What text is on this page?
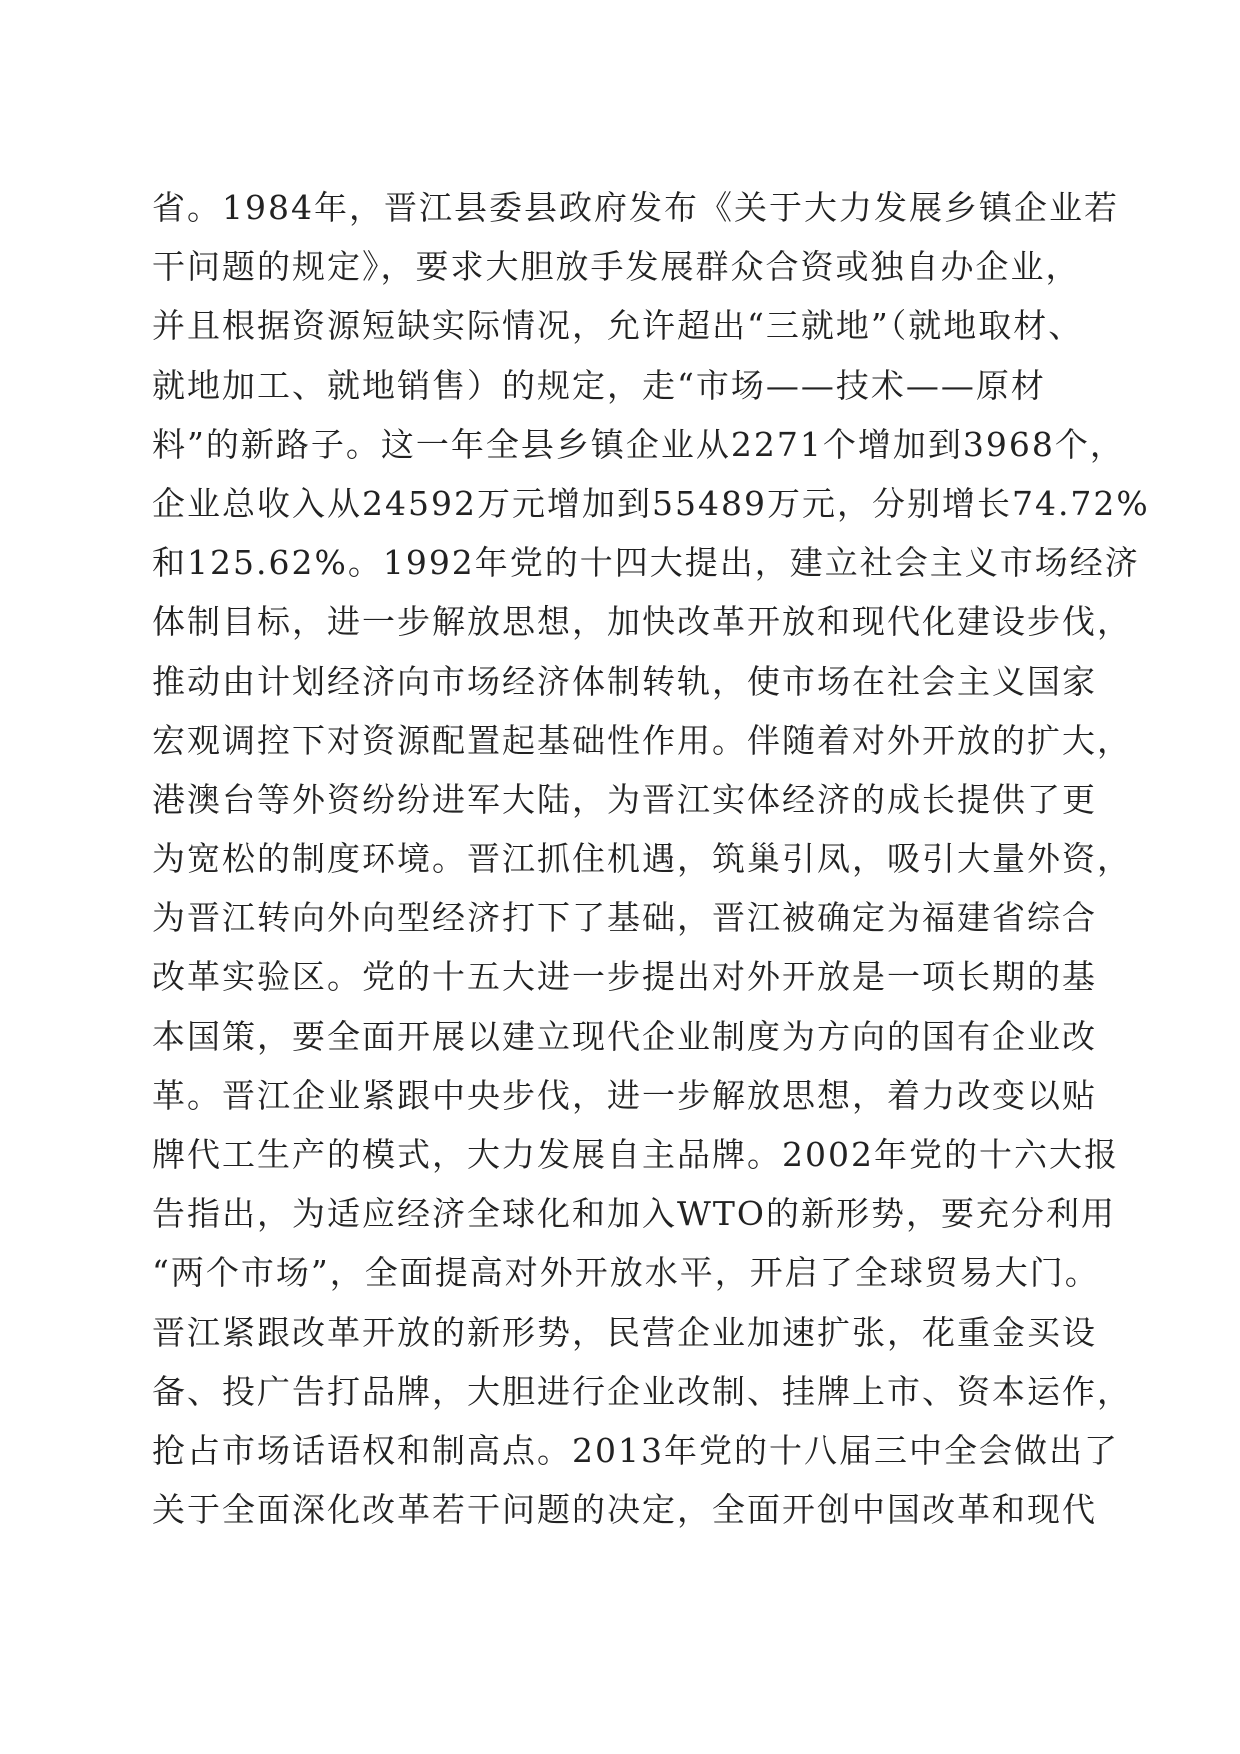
省。1984年，晋江县委县政府发布《关于大力发展乡镇企业若
干问题的规定》，要求大胆放手发展群众合资或独自办企业，
并且根据资源短缺实际情况，允许超出“三就地”（就地取材、
就地加工、就地销售）的规定，走“市场——技术——原材
料”的新路子。这一年全县乡镇企业从2271个增加到3968个，
企业总收入从24592万元增加到55489万元，分别增长74.72%
和125.62%。1992年党的十四大提出，建立社会主义市场经济
体制目标，进一步解放思想，加快改革开放和现代化建设步伐，
推动由计划经济向市场经济体制转轨，使市场在社会主义国家
宏观调控下对资源配置起基础性作用。伴随着对外开放的扩大，
港澳台等外资纷纷进军大陆，为晋江实体经济的成长提供了更
为宽松的制度环境。晋江抓住机遇，筑巢引凤，吸引大量外资，
为晋江转向外向型经济打下了基础，晋江被确定为福建省综合
改革实验区。党的十五大进一步提出对外开放是一项长期的基
本国策，要全面开展以建立现代企业制度为方向的国有企业改
革。晋江企业紧跟中央步伐，进一步解放思想，着力改变以贴
牌代工生产的模式，大力发展自主品牌。2002年党的十六大报
告指出，为适应经济全球化和加入WTO的新形势，要充分利用
“两个市场”，全面提高对外开放水平，开启了全球贸易大门。
晋江紧跟改革开放的新形势，民营企业加速扩张，花重金买设
备、投广告打品牌，大胆进行企业改制、挂牌上市、资本运作，
抢占市场话语权和制高点。2013年党的十八届三中全会做出了
关于全面深化改革若干问题的决定，全面开创中国改革和现代
